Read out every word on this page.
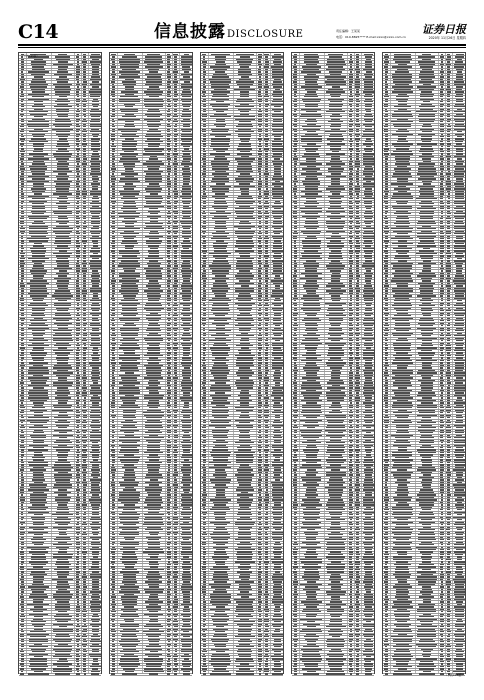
C14	信息披露DISCLOSURE	责任编辑：王某某
电话：010-8825**** E-mail:xxxx@xxxx.com.cn
证券日报
2020年 11月26日 星期四
（下转C15版）
（下转C15版）
